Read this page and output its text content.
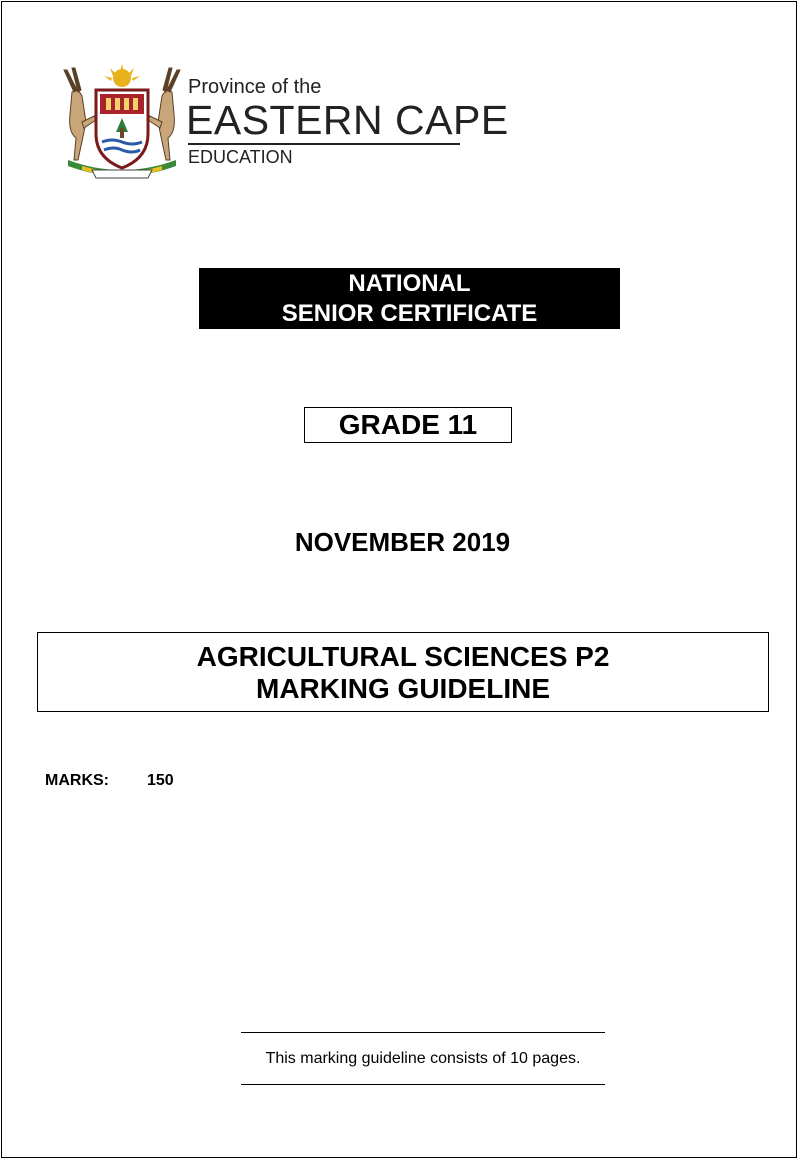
Province of the
EASTERN CAPE
EDUCATION
NATIONAL
SENIOR CERTIFICATE
GRADE 11
NOVEMBER 2019
AGRICULTURAL SCIENCES P2
MARKING GUIDELINE
MARKS: 150
This marking guideline consists of 10 pages.
